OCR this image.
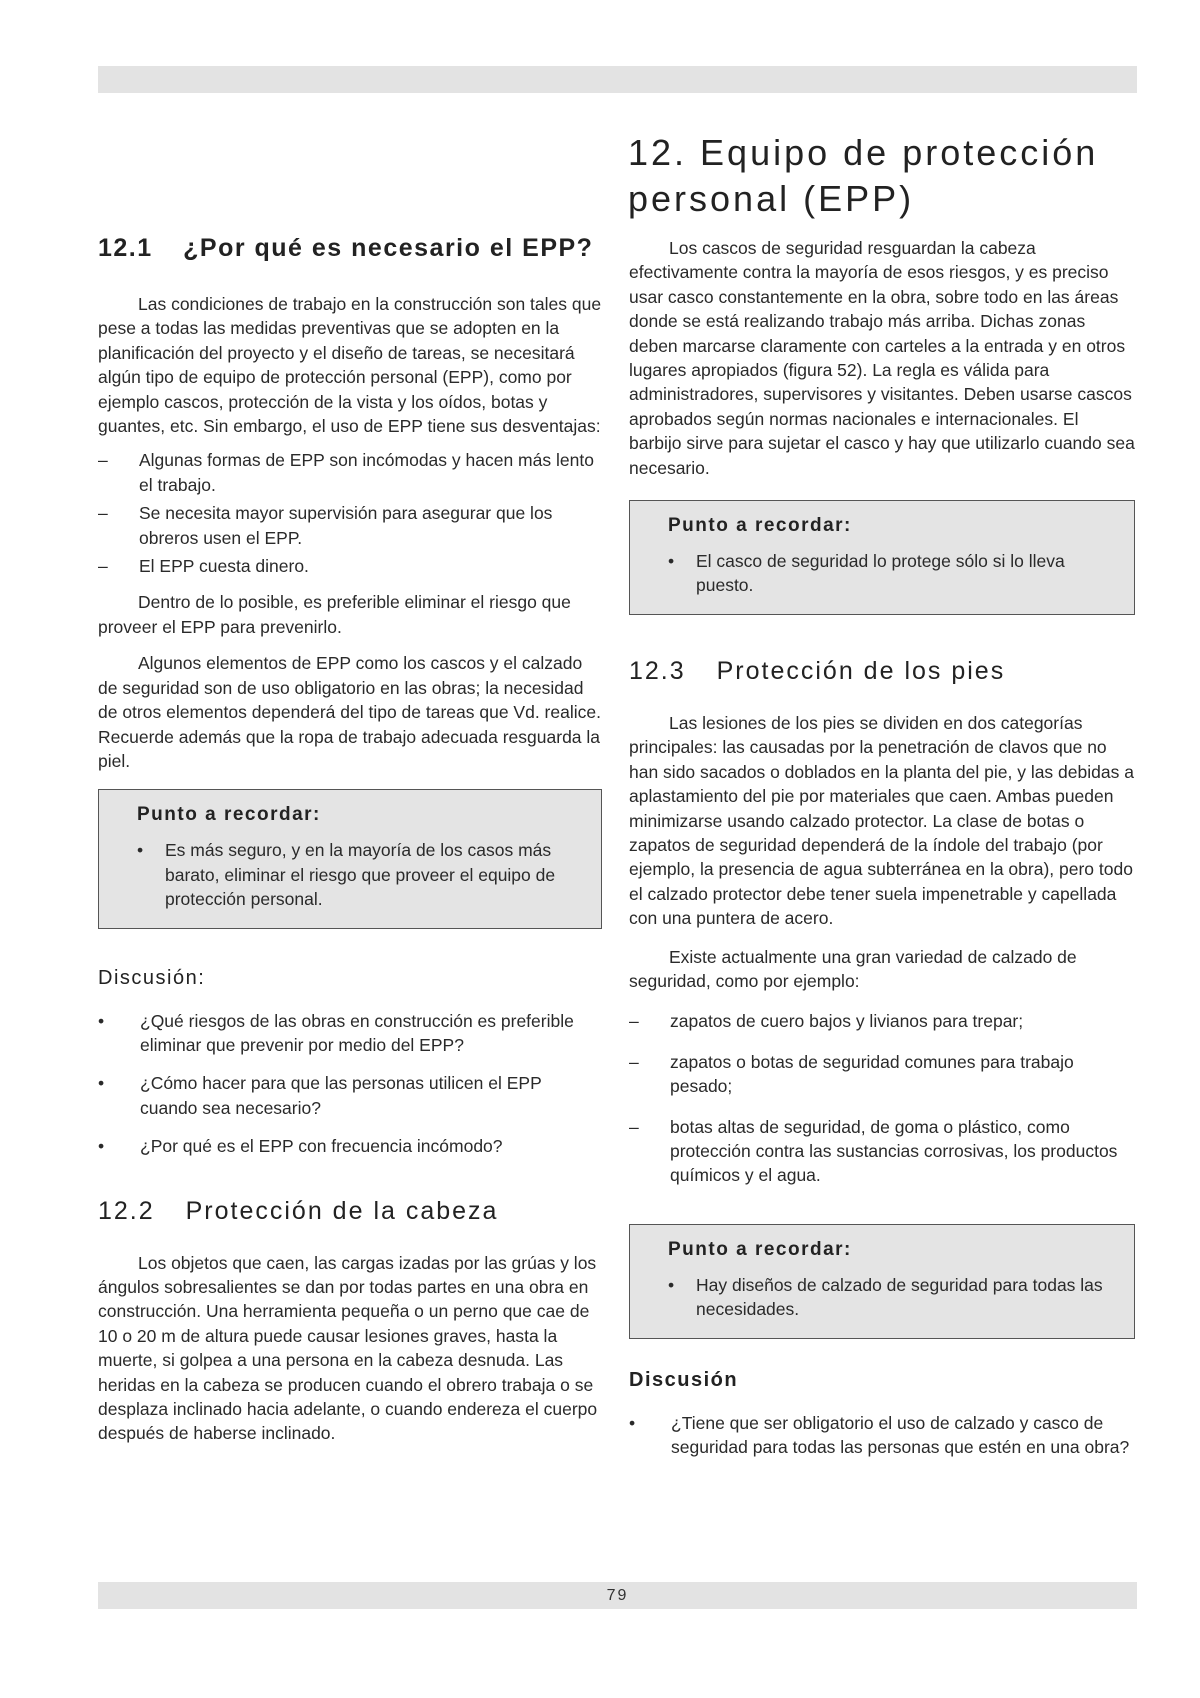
12. Equipo de protección personal (EPP)
12.1 ¿Por qué es necesario el EPP?

Las condiciones de trabajo en la construcción son tales que pese a todas las medidas preventivas que se adopten en la planificación del proyecto y el diseño de tareas, se necesitará algún tipo de equipo de protección personal (EPP), como por ejemplo cascos, protección de la vista y los oídos, botas y guantes, etc. Sin embargo, el uso de EPP tiene sus desventajas:

–	Algunas formas de EPP son incómodas y hacen más lento el trabajo.
–	Se necesita mayor supervisión para asegurar que los obreros usen el EPP.
–	El EPP cuesta dinero.

Dentro de lo posible, es preferible eliminar el riesgo que proveer el EPP para prevenirlo.

Algunos elementos de EPP como los cascos y el calzado de seguridad son de uso obligatorio en las obras; la necesidad de otros elementos dependerá del tipo de tareas que Vd. realice. Recuerde además que la ropa de trabajo adecuada resguarda la piel.

Punto a recordar:
•	Es más seguro, y en la mayoría de los casos más barato, eliminar el riesgo que proveer el equipo de protección personal.
Discusión:
•	¿Qué riesgos de las obras en construcción es preferible eliminar que prevenir por medio del EPP?
•	¿Cómo hacer para que las personas utilicen el EPP cuando sea necesario?
•	¿Por qué es el EPP con frecuencia incómodo?
12.2 Protección de la cabeza

Los objetos que caen, las cargas izadas por las grúas y los ángulos sobresalientes se dan por todas partes en una obra en construcción. Una herramienta pequeña o un perno que cae de 10 o 20 m de altura puede causar lesiones graves, hasta la muerte, si golpea a una persona en la cabeza desnuda. Las heridas en la cabeza se producen cuando el obrero trabaja o se desplaza inclinado hacia adelante, o cuando endereza el cuerpo después de haberse inclinado.

Los cascos de seguridad resguardan la cabeza efectivamente contra la mayoría de esos riesgos, y es preciso usar casco constantemente en la obra, sobre todo en las áreas donde se está realizando trabajo más arriba. Dichas zonas deben marcarse claramente con carteles a la entrada y en otros lugares apropiados (figura 52). La regla es válida para administradores, supervisores y visitantes. Deben usarse cascos aprobados según normas nacionales e internacionales. El barbijo sirve para sujetar el casco y hay que utilizarlo cuando sea necesario.

Punto a recordar:
•	El casco de seguridad lo protege sólo si lo lleva puesto.
12.3 Protección de los pies

Las lesiones de los pies se dividen en dos categorías principales: las causadas por la penetración de clavos que no han sido sacados o doblados en la planta del pie, y las debidas a aplastamiento del pie por materiales que caen. Ambas pueden minimizarse usando calzado protector. La clase de botas o zapatos de seguridad dependerá de la índole del trabajo (por ejemplo, la presencia de agua subterránea en la obra), pero todo el calzado protector debe tener suela impenetrable y capellada con una puntera de acero.

Existe actualmente una gran variedad de calzado de seguridad, como por ejemplo:

–	zapatos de cuero bajos y livianos para trepar;
–	zapatos o botas de seguridad comunes para trabajo pesado;
–	botas altas de seguridad, de goma o plástico, como protección contra las sustancias corrosivas, los productos químicos y el agua.
Punto a recordar:
•	Hay diseños de calzado de seguridad para todas las necesidades.
Discusión
•	¿Tiene que ser obligatorio el uso de calzado y casco de seguridad para todas las personas que estén en una obra?
79
